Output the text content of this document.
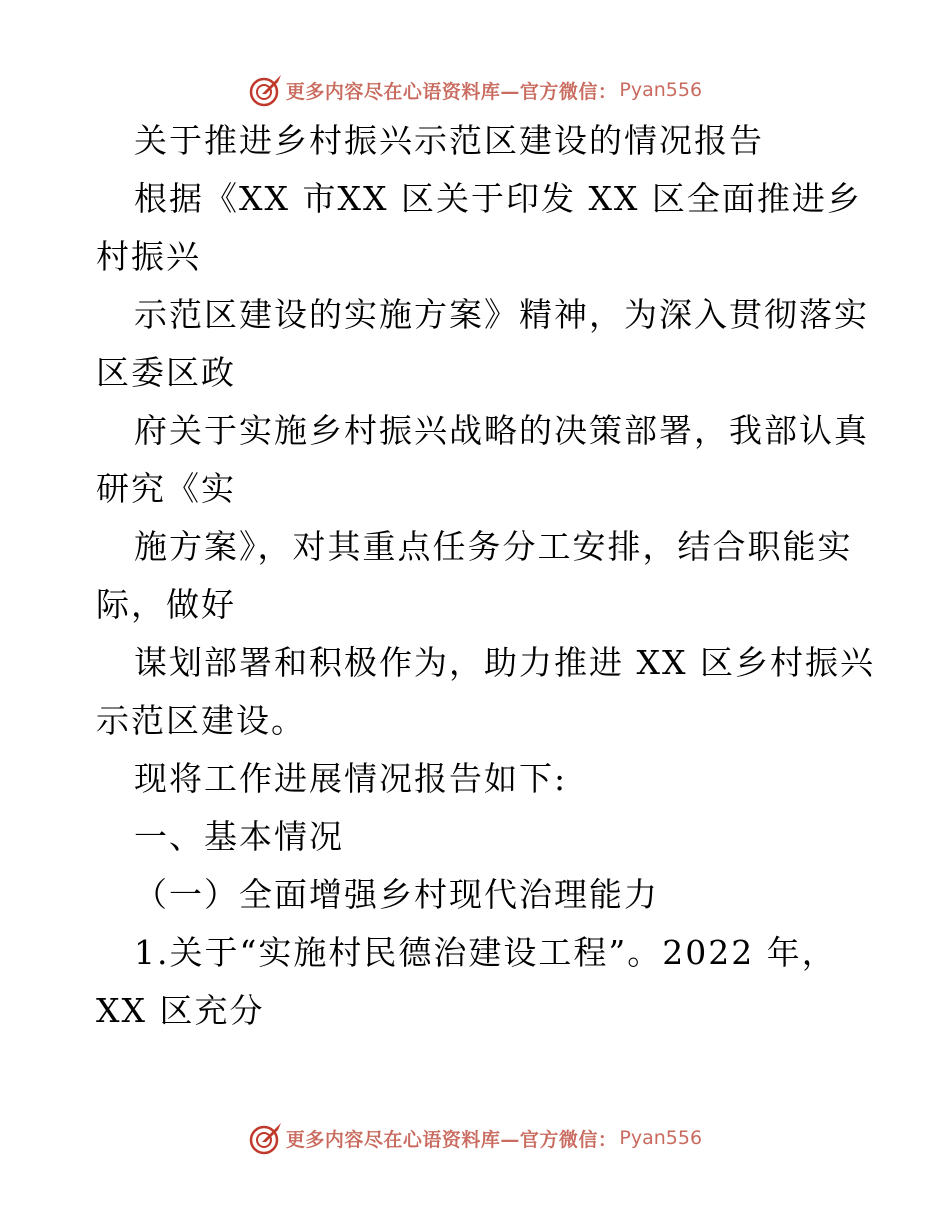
更多内容尽在心语资料库—官方微信： Pyan556
关于推进乡村振兴示范区建设的情况报告
根据《XX 市XX 区关于印发 XX 区全面推进乡
村振兴
示范区建设的实施方案》精神，为深入贯彻落实
区委区政
府关于实施乡村振兴战略的决策部署，我部认真
研究《实
施方案》，对其重点任务分工安排，结合职能实
际，做好
谋划部署和积极作为，助力推进 XX 区乡村振兴
示范区建设。
现将工作进展情况报告如下:
一、基本情况
（一）全面增强乡村现代治理能力
1.关于“实施村民德治建设工程”。2022 年，
XX 区充分
更多内容尽在心语资料库—官方微信： Pyan556
